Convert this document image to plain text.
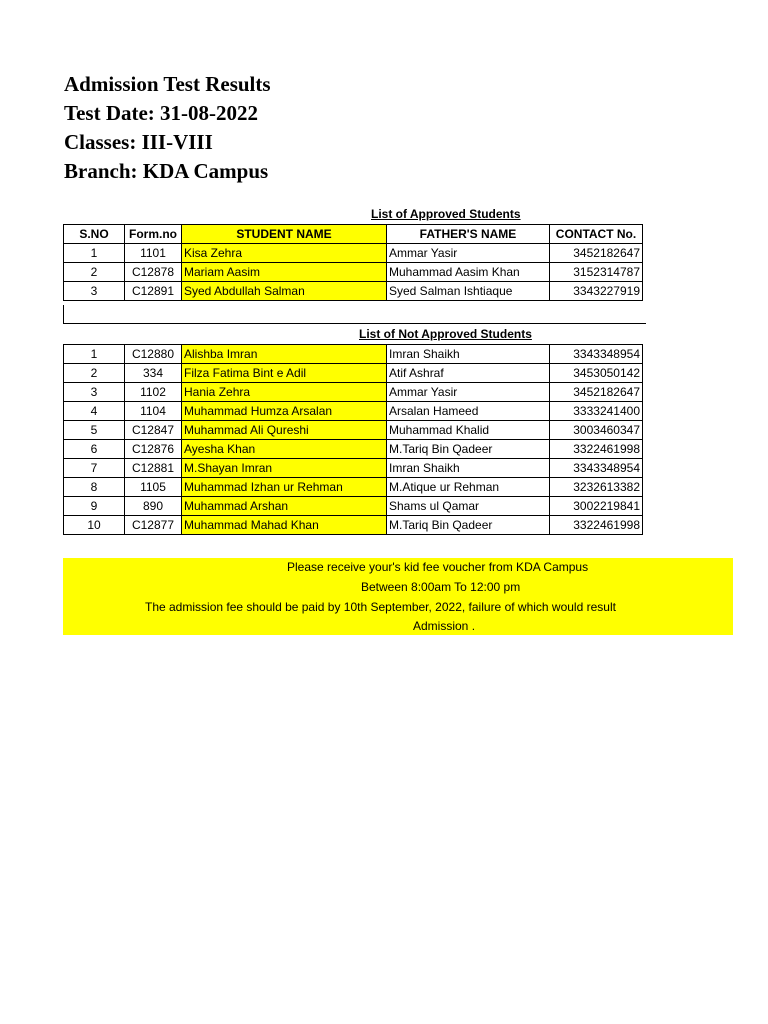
Admission Test Results
Test Date: 31-08-2022
Classes: III-VIII
Branch: KDA Campus
List of Approved Students
S.NO	Form.no	STUDENT NAME	FATHER'S NAME	CONTACT No.
1	1101	Kisa Zehra	Ammar Yasir	3452182647
2	C12878	Mariam Aasim	Muhammad Aasim Khan	3152314787
3	C12891	Syed Abdullah Salman	Syed Salman Ishtiaque	3343227919
List of Not Approved Students
1	C12880	Alishba Imran	Imran Shaikh	3343348954
2	334	Filza Fatima Bint e Adil	Atif Ashraf	3453050142
3	1102	Hania Zehra	Ammar Yasir	3452182647
4	1104	Muhammad Humza Arsalan	Arsalan Hameed	3333241400
5	C12847	Muhammad Ali Qureshi	Muhammad Khalid	3003460347
6	C12876	Ayesha Khan	M.Tariq Bin Qadeer	3322461998
7	C12881	M.Shayan Imran	Imran Shaikh	3343348954
8	1105	Muhammad Izhan ur Rehman	M.Atique ur Rehman	3232613382
9	890	Muhammad Arshan	Shams ul Qamar	3002219841
10	C12877	Muhammad Mahad Khan	M.Tariq Bin Qadeer	3322461998
Please receive your's kid fee voucher from KDA Campus
Between 8:00am To 12:00 pm
The admission fee should be paid by 10th September, 2022, failure of which would result
Admission .
